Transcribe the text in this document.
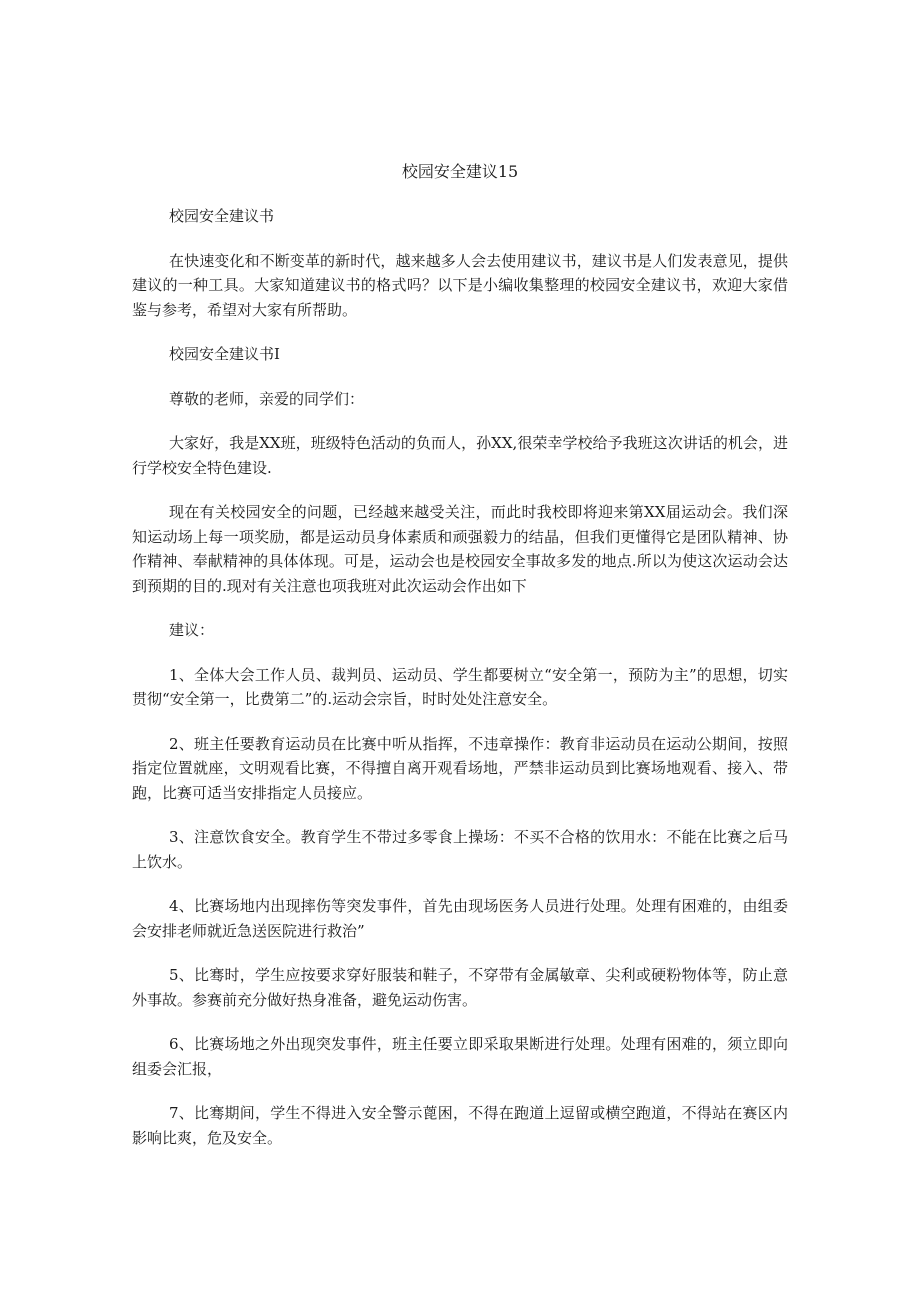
校园安全建议15

校园安全建议书

在快速变化和不断变革的新时代，越来越多人会去使用建议书，建议书是人们发表意见，提供建议的一种工具。大家知道建议书的格式吗？以下是小编收集整理的校园安全建议书，欢迎大家借鉴与参考，希望对大家有所帮助。

校园安全建议书I

尊敬的老师，亲爱的同学们：

大家好，我是XX班，班级特色活动的负而人，孙XX,很荣幸学校给予我班这次讲话的机会，进行学校安全特色建设.

现在有关校园安全的问题，已经越来越受关注，而此时我校即将迎来第XX届运动会。我们深知运动场上每一项奖励，都是运动员身体素质和顽强毅力的结晶，但我们更懂得它是团队精神、协作精神、奉献精神的具体体现。可是，运动会也是校园安全事故多发的地点.所以为使这次运动会达到预期的目的.现对有关注意也项我班对此次运动会作出如下

建议：

1、全体大会工作人员、裁判员、运动员、学生都要树立“安全第一，预防为主”的思想，切实贯彻“安全第一，比费第二”的.运动会宗旨，时时处处注意安全。

2、班主任要教育运动员在比赛中听从指挥，不违章操作：教育非运动员在运动公期间，按照指定位置就座，文明观看比赛，不得擅自离开观看场地，严禁非运动员到比赛场地观看、接入、带跑，比赛可适当安排指定人员接应。

3、注意饮食安全。教育学生不带过多零食上操场：不买不合格的饮用水：不能在比赛之后马上饮水。

4、比赛场地内出现摔伤等突发事件，首先由现场医务人员进行处理。处理有困难的，由组委会安排老师就近急送医院进行救治”

5、比骞时，学生应按要求穿好服装和鞋子，不穿带有金属敏章、尖利或硬粉物体等，防止意外事故。参赛前充分做好热身准备，避免运动伤害。

6、比赛场地之外出现突发事件，班主任要立即采取果断进行处理。处理有困难的，须立即向组委会汇报，

7、比骞期间，学生不得进入安全警示蓖困，不得在跑道上逗留或横空跑道，不得站在赛区内影响比爽，危及安全。
